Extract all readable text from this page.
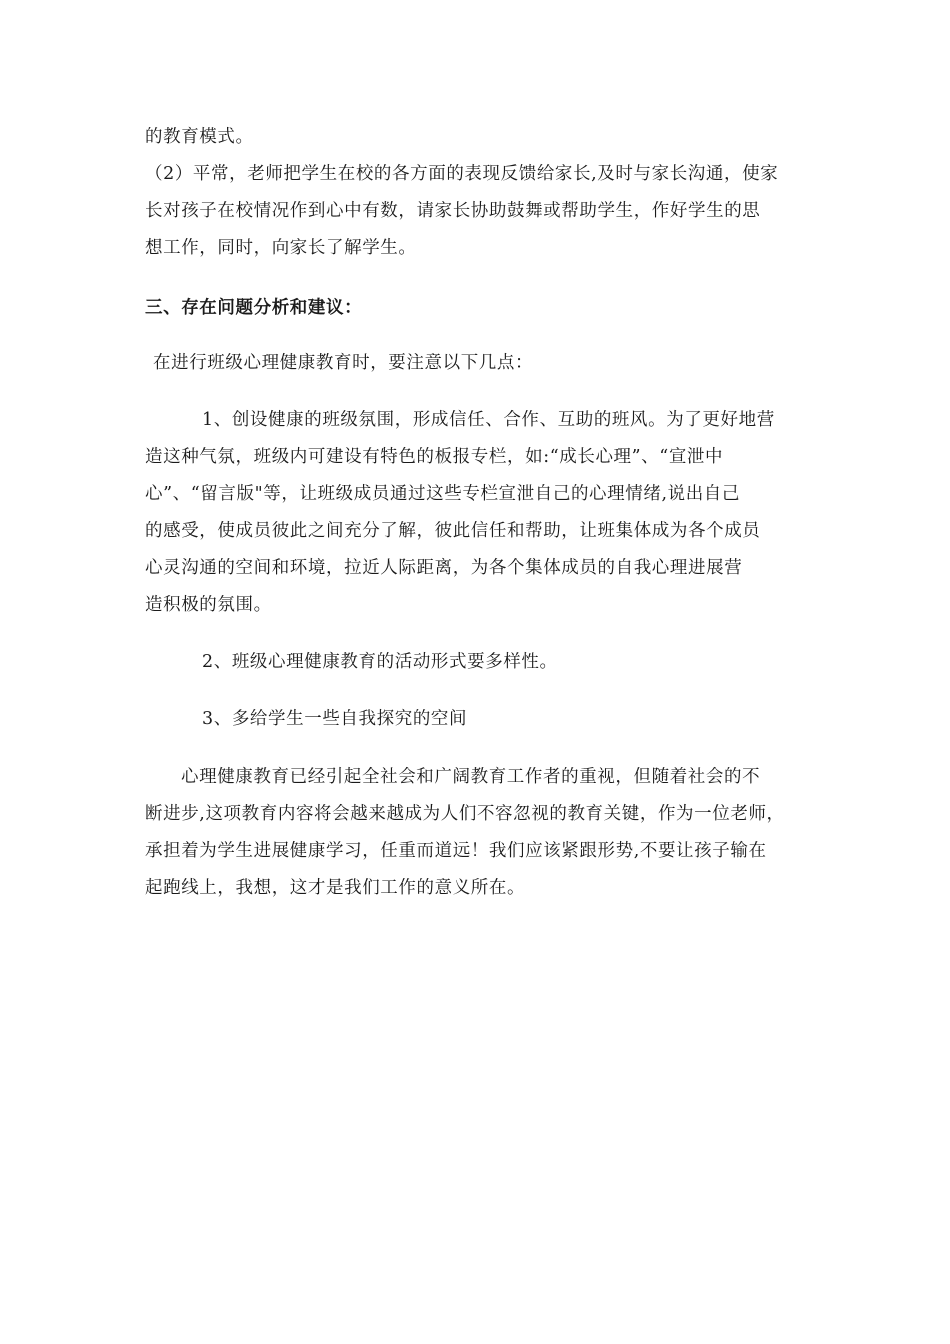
的教育模式。
（2）平常，老师把学生在校的各方面的表现反馈给家长,及时与家长沟通，使家
长对孩子在校情况作到心中有数，请家长协助鼓舞或帮助学生，作好学生的思
想工作，同时，向家长了解学生。
三、存在问题分析和建议：
在进行班级心理健康教育时，要注意以下几点：
1、创设健康的班级氛围，形成信任、合作、互助的班风。为了更好地营
造这种气氛，班级内可建设有特色的板报专栏，如:“成长心理”、“宣泄中
心”、“留言版"等，让班级成员通过这些专栏宣泄自己的心理情绪,说出自己
的感受，使成员彼此之间充分了解，彼此信任和帮助，让班集体成为各个成员
心灵沟通的空间和环境，拉近人际距离，为各个集体成员的自我心理进展营
造积极的氛围。
2、班级心理健康教育的活动形式要多样性。
3、多给学生一些自我探究的空间
心理健康教育已经引起全社会和广阔教育工作者的重视，但随着社会的不
断进步,这项教育内容将会越来越成为人们不容忽视的教育关键，作为一位老师，
承担着为学生进展健康学习，任重而道远！我们应该紧跟形势,不要让孩子输在
起跑线上，我想，这才是我们工作的意义所在。
